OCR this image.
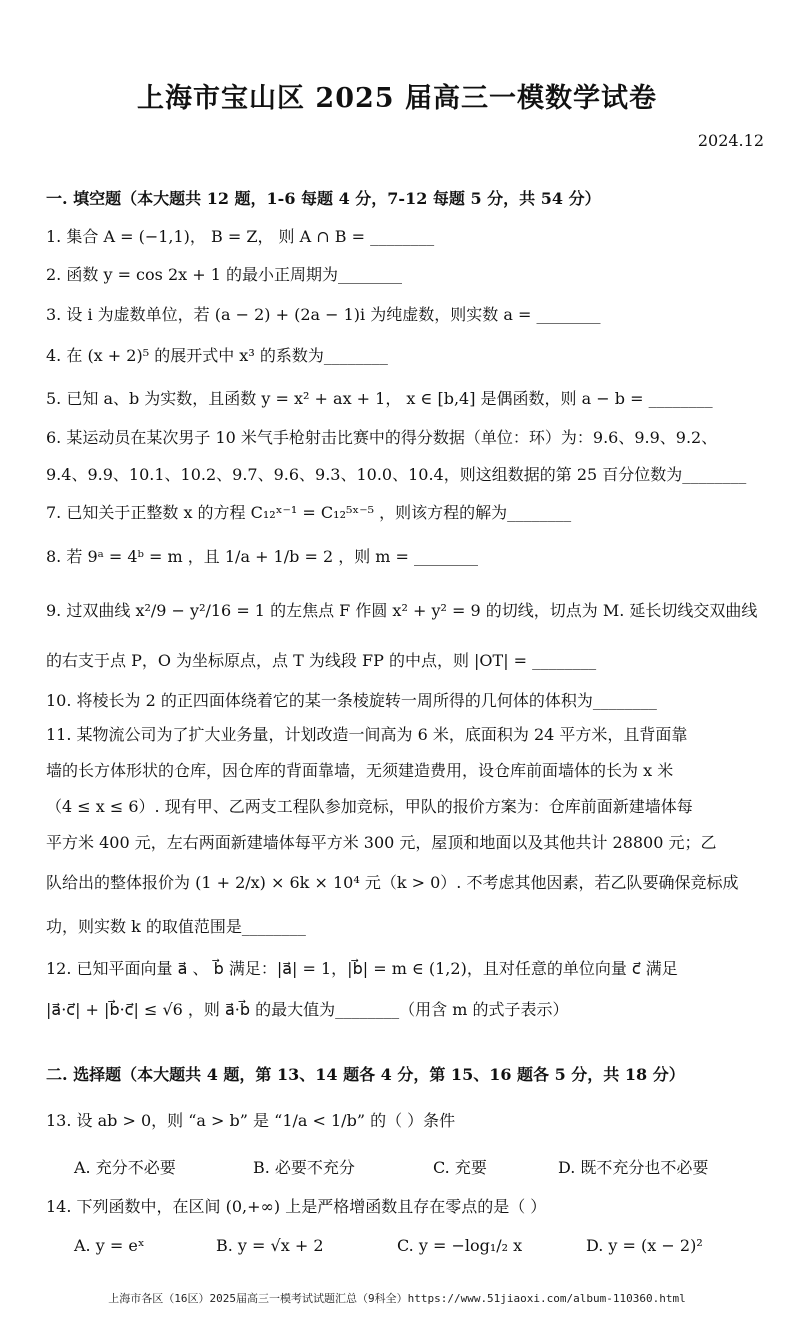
上海市宝山区 2025 届高三一模数学试卷
2024.12
一. 填空题（本大题共 12 题，1-6 每题 4 分，7-12 每题 5 分，共 54 分）
1. 集合 A = (−1,1)， B = Z， 则 A ∩ B = ________
2. 函数 y = cos 2x + 1 的最小正周期为________
3. 设 i 为虚数单位，若 (a − 2) + (2a − 1)i 为纯虚数，则实数 a = ________
4. 在 (x + 2)⁵ 的展开式中 x³ 的系数为________
5. 已知 a、b 为实数，且函数 y = x² + ax + 1， x ∈ [b,4] 是偶函数，则 a − b = ________
6. 某运动员在某次男子 10 米气手枪射击比赛中的得分数据（单位：环）为：9.6、9.9、9.2、
9.4、9.9、10.1、10.2、9.7、9.6、9.3、10.0、10.4，则这组数据的第 25 百分位数为________
7. 已知关于正整数 x 的方程 C₁₂ˣ⁻¹ = C₁₂⁵ˣ⁻⁵ ，则该方程的解为________
8. 若 9ᵃ = 4ᵇ = m ，且 1/a + 1/b = 2 ，则 m = ________
9. 过双曲线 x²/9 − y²/16 = 1 的左焦点 F 作圆 x² + y² = 9 的切线，切点为 M. 延长切线交双曲线
的右支于点 P，O 为坐标原点，点 T 为线段 FP 的中点，则 |OT| = ________
10. 将棱长为 2 的正四面体绕着它的某一条棱旋转一周所得的几何体的体积为________
11. 某物流公司为了扩大业务量，计划改造一间高为 6 米，底面积为 24 平方米，且背面靠
墙的长方体形状的仓库，因仓库的背面靠墙，无须建造费用，设仓库前面墙体的长为 x 米
（4 ≤ x ≤ 6）. 现有甲、乙两支工程队参加竞标，甲队的报价方案为：仓库前面新建墙体每
平方米 400 元，左右两面新建墙体每平方米 300 元，屋顶和地面以及其他共计 28800 元；乙
队给出的整体报价为 (1 + 2/x) × 6k × 10⁴ 元（k > 0）. 不考虑其他因素，若乙队要确保竞标成
功，则实数 k 的取值范围是________
12. 已知平面向量 a⃗ 、 b⃗ 满足：|a⃗| = 1，|b⃗| = m ∈ (1,2)，且对任意的单位向量 c⃗ 满足
|a⃗·c⃗| + |b⃗·c⃗| ≤ √6 ，则 a⃗·b⃗ 的最大值为________（用含 m 的式子表示）
二. 选择题（本大题共 4 题，第 13、14 题各 4 分，第 15、16 题各 5 分，共 18 分）
13. 设 ab > 0，则 “a > b” 是 “1/a < 1/b” 的（ ）条件
A. 充分不必要	B. 必要不充分	C. 充要	D. 既不充分也不必要
14. 下列函数中，在区间 (0,+∞) 上是严格增函数且存在零点的是（ ）
A. y = eˣ	B. y = √x + 2	C. y = −log₁/₂ x	D. y = (x − 2)²
上海市各区（16区）2025届高三一模考试试题汇总（9科全）https://www.51jiaoxi.com/album-110360.html
